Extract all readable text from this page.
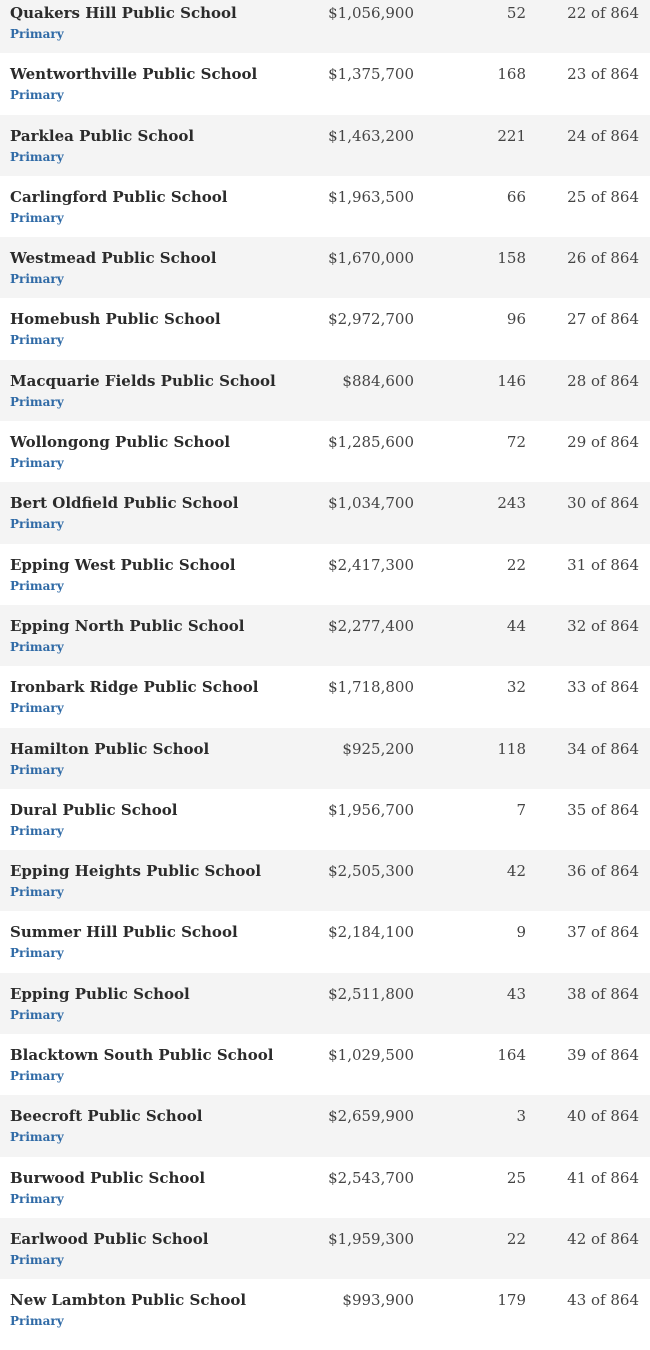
Quakers Hill Public School
Primary
$1,056,900	52	22 of 864
Wentworthville Public School
Primary
$1,375,700	168	23 of 864
Parklea Public School
Primary
$1,463,200	221	24 of 864
Carlingford Public School
Primary
$1,963,500	66	25 of 864
Westmead Public School
Primary
$1,670,000	158	26 of 864
Homebush Public School
Primary
$2,972,700	96	27 of 864
Macquarie Fields Public School
Primary
$884,600	146	28 of 864
Wollongong Public School
Primary
$1,285,600	72	29 of 864
Bert Oldfield Public School
Primary
$1,034,700	243	30 of 864
Epping West Public School
Primary
$2,417,300	22	31 of 864
Epping North Public School
Primary
$2,277,400	44	32 of 864
Ironbark Ridge Public School
Primary
$1,718,800	32	33 of 864
Hamilton Public School
Primary
$925,200	118	34 of 864
Dural Public School
Primary
$1,956,700	7	35 of 864
Epping Heights Public School
Primary
$2,505,300	42	36 of 864
Summer Hill Public School
Primary
$2,184,100	9	37 of 864
Epping Public School
Primary
$2,511,800	43	38 of 864
Blacktown South Public School
Primary
$1,029,500	164	39 of 864
Beecroft Public School
Primary
$2,659,900	3	40 of 864
Burwood Public School
Primary
$2,543,700	25	41 of 864
Earlwood Public School
Primary
$1,959,300	22	42 of 864
New Lambton Public School
Primary
$993,900	179	43 of 864
